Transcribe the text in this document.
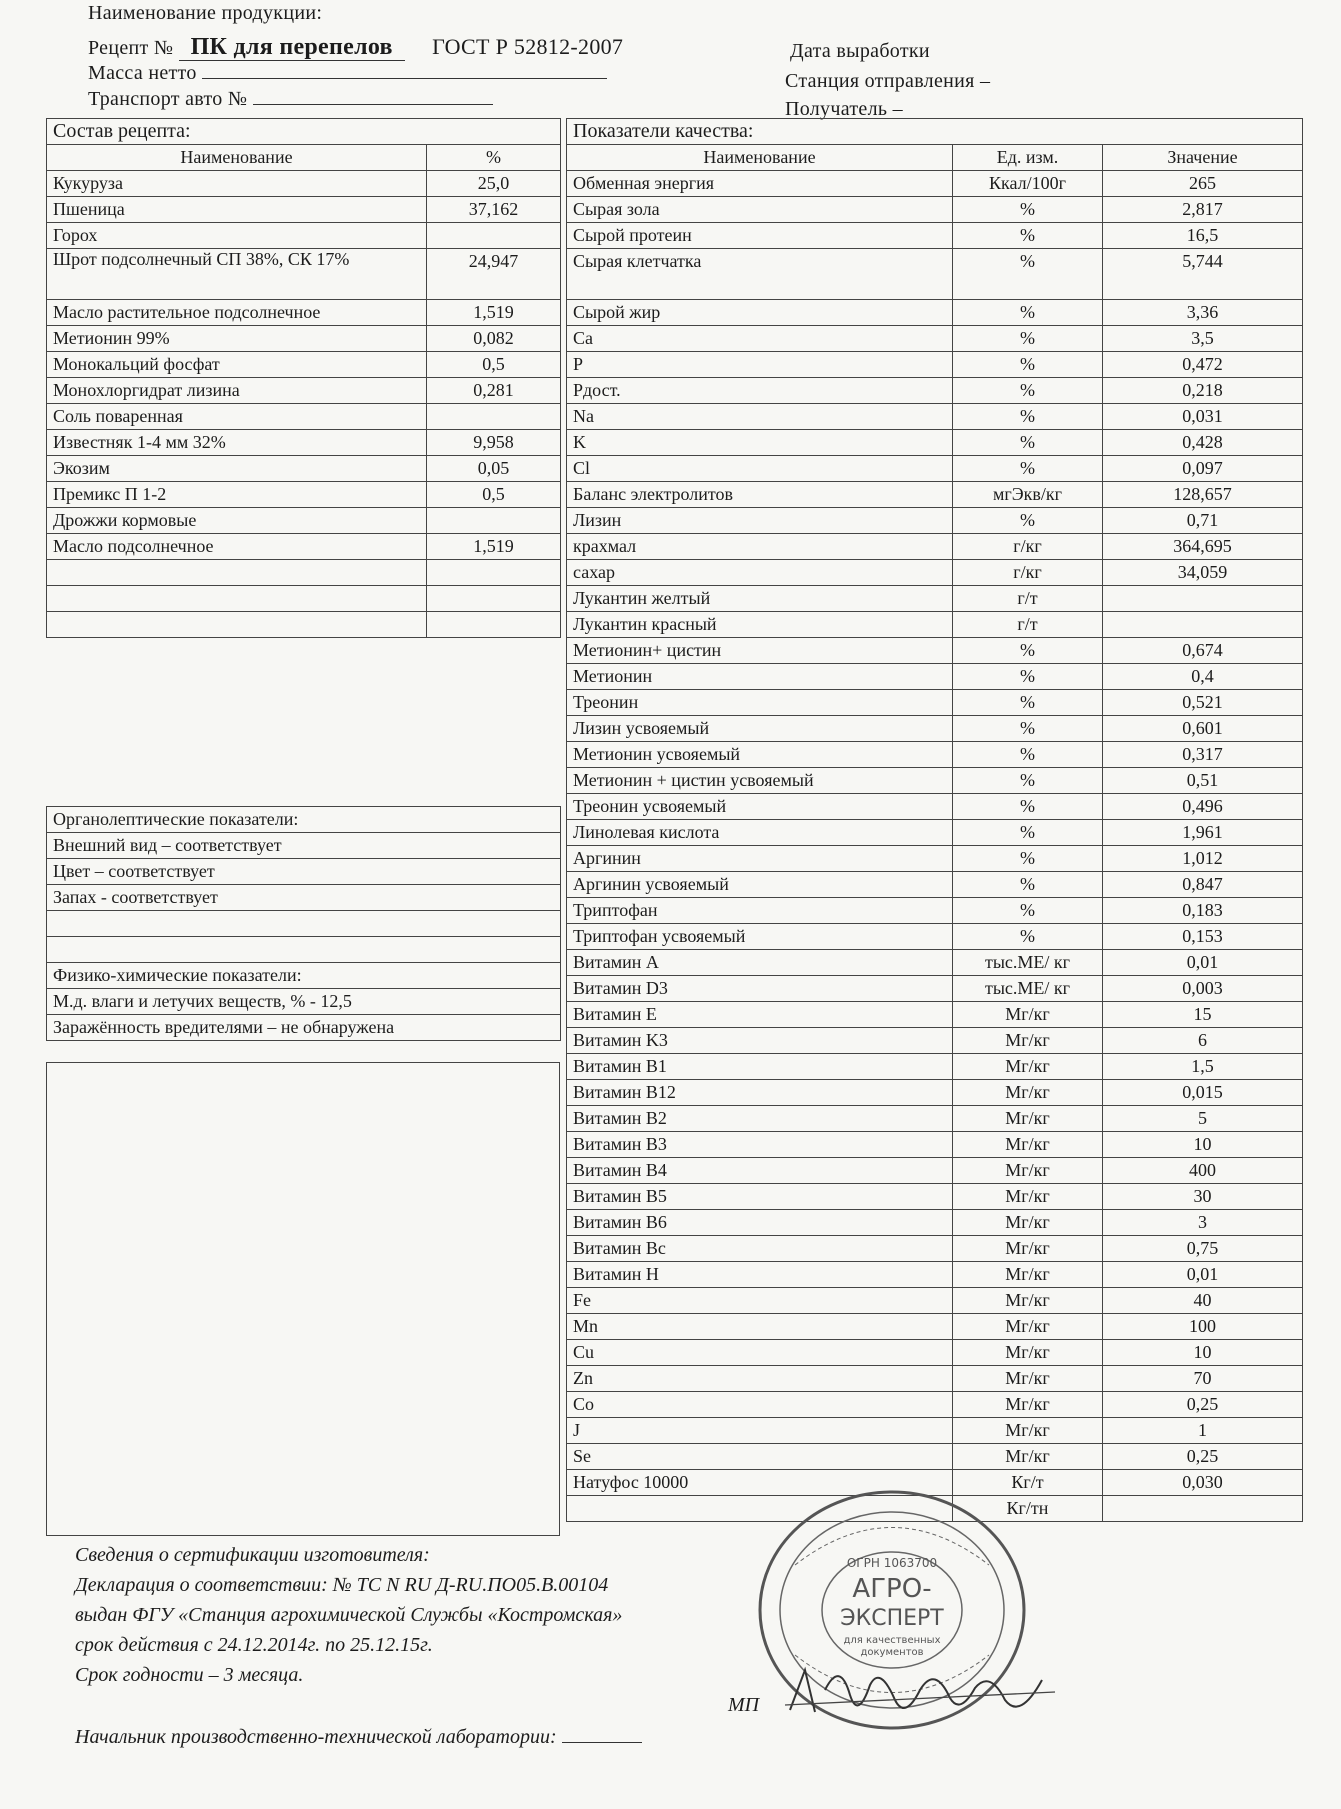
Наименование продукции:
Рецепт № ПК для перепелов ГОСТ Р 52812-2007
Масса нетто
Транспорт авто №
Дата выработки
Станция отправления –
Получатель –
Состав рецепта:	
Наименование	%
Кукуруза	25,0
Пшеница	37,162
Горох	
Шрот подсолнечный СП 38%, СК 17%	24,947
Масло растительное подсолнечное	1,519
Метионин 99%	0,082
Монокальций фосфат	0,5
Монохлоргидрат лизина	0,281
Соль поваренная	
Известняк 1-4 мм 32%	9,958
Экозим	0,05
Премикс П 1-2	0,5
Дрожжи кормовые	
Масло подсолнечное	1,519

Органолептические показатели:
Внешний вид – соответствует
Цвет – соответствует
Запах - соответствует

Физико-химические показатели:
М.д. влаги и летучих веществ, % - 12,5
Заражённость вредителями – не обнаружена
Показатели качества:		
Наименование	Ед. изм.	Значение
Обменная энергия	Ккал/100г	265
Сырая зола	%	2,817
Сырой протеин	%	16,5
Сырая клетчатка	%	5,744
Сырой жир	%	3,36
Ca	%	3,5
P	%	0,472
Pдост.	%	0,218
Na	%	0,031
K	%	0,428
Cl	%	0,097
Баланс электролитов	мгЭкв/кг	128,657
Лизин	%	0,71
крахмал	г/кг	364,695
сахар	г/кг	34,059
Лукантин желтый	г/т	
Лукантин красный	г/т	
Метионин+ цистин	%	0,674
Метионин	%	0,4
Треонин	%	0,521
Лизин усвояемый	%	0,601
Метионин усвояемый	%	0,317
Метионин + цистин усвояемый	%	0,51
Треонин усвояемый	%	0,496
Линолевая кислота	%	1,961
Аргинин	%	1,012
Аргинин усвояемый	%	0,847
Триптофан	%	0,183
Триптофан усвояемый	%	0,153
Витамин A	тыс.МЕ/ кг	0,01
Витамин D3	тыс.МЕ/ кг	0,003
Витамин E	Мг/кг	15
Витамин K3	Мг/кг	6
Витамин B1	Мг/кг	1,5
Витамин B12	Мг/кг	0,015
Витамин B2	Мг/кг	5
Витамин B3	Мг/кг	10
Витамин B4	Мг/кг	400
Витамин B5	Мг/кг	30
Витамин B6	Мг/кг	3
Витамин Bc	Мг/кг	0,75
Витамин H	Мг/кг	0,01
Fe	Мг/кг	40
Mn	Мг/кг	100
Cu	Мг/кг	10
Zn	Мг/кг	70
Co	Мг/кг	0,25
J	Мг/кг	1
Se	Мг/кг	0,25
Натуфос 10000	Кг/т	0,030
	Кг/тн	
Сведения о сертификации изготовителя:
Декларация о соответствии: № ТС N RU Д-RU.ПО05.В.00104
выдан ФГУ «Станция агрохимической Службы «Костромская»
срок действия с 24.12.2014г. по 25.12.15г.
Срок годности – 3 месяца.
МП
Начальник производственно-технической лаборатории:
ОГРН 1063700
АГРО-
ЭКСПЕРТ
для качественных
документов
